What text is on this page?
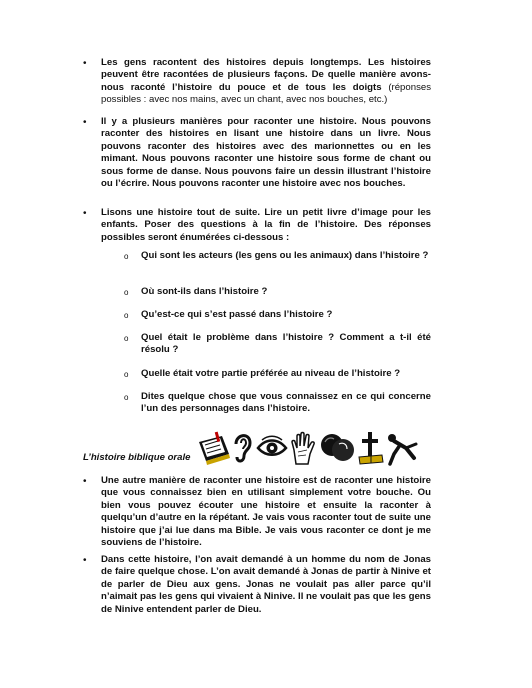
• Les gens racontent des histoires depuis longtemps. Les histoires peuvent être racontées de plusieurs façons. De quelle manière avons-nous raconté l’histoire du pouce et de tous les doigts (réponses possibles : avec nos mains, avec un chant, avec nos bouches, etc.)
• Il y a plusieurs manières pour raconter une histoire. Nous pouvons raconter des histoires en lisant une histoire dans un livre. Nous pouvons raconter des histoires avec des marionnettes ou en les mimant. Nous pouvons raconter une histoire sous forme de chant ou sous forme de danse. Nous pouvons faire un dessin illustrant l’histoire ou l’écrire. Nous pouvons raconter une histoire avec nos bouches.
• Lisons une histoire tout de suite. Lire un petit livre d’image pour les enfants. Poser des questions à la fin de l’histoire. Des réponses possibles seront énumérées ci-dessous :
o Qui sont les acteurs (les gens ou les animaux) dans l’histoire ?
o Où sont-ils dans l’histoire ?
o Qu’est-ce qui s’est passé dans l’histoire ?
o Quel était le problème dans l’histoire ? Comment a t-il été résolu ?
o Quelle était votre partie préférée au niveau de l’histoire ?
o Dites quelque chose que vous connaissez en ce qui concerne l’un des personnages dans l’histoire.
L’histoire biblique orale
• Une autre manière de raconter une histoire est de raconter une histoire que vous connaissez bien en utilisant simplement votre bouche. Ou bien vous pouvez écouter une histoire et ensuite la raconter à quelqu’un d’autre en la répétant. Je vais vous raconter tout de suite une histoire que j’ai lue dans ma Bible. Je vais vous raconter ce dont je me souviens de l’histoire.
• Dans cette histoire, l’on avait demandé à un homme du nom de Jonas de faire quelque chose. L’on avait demandé à Jonas de partir à Ninive et de parler de Dieu aux gens. Jonas ne voulait pas aller parce qu’il n’aimait pas les gens qui vivaient à Ninive. Il ne voulait pas que les gens de Ninive entendent parler de Dieu.
